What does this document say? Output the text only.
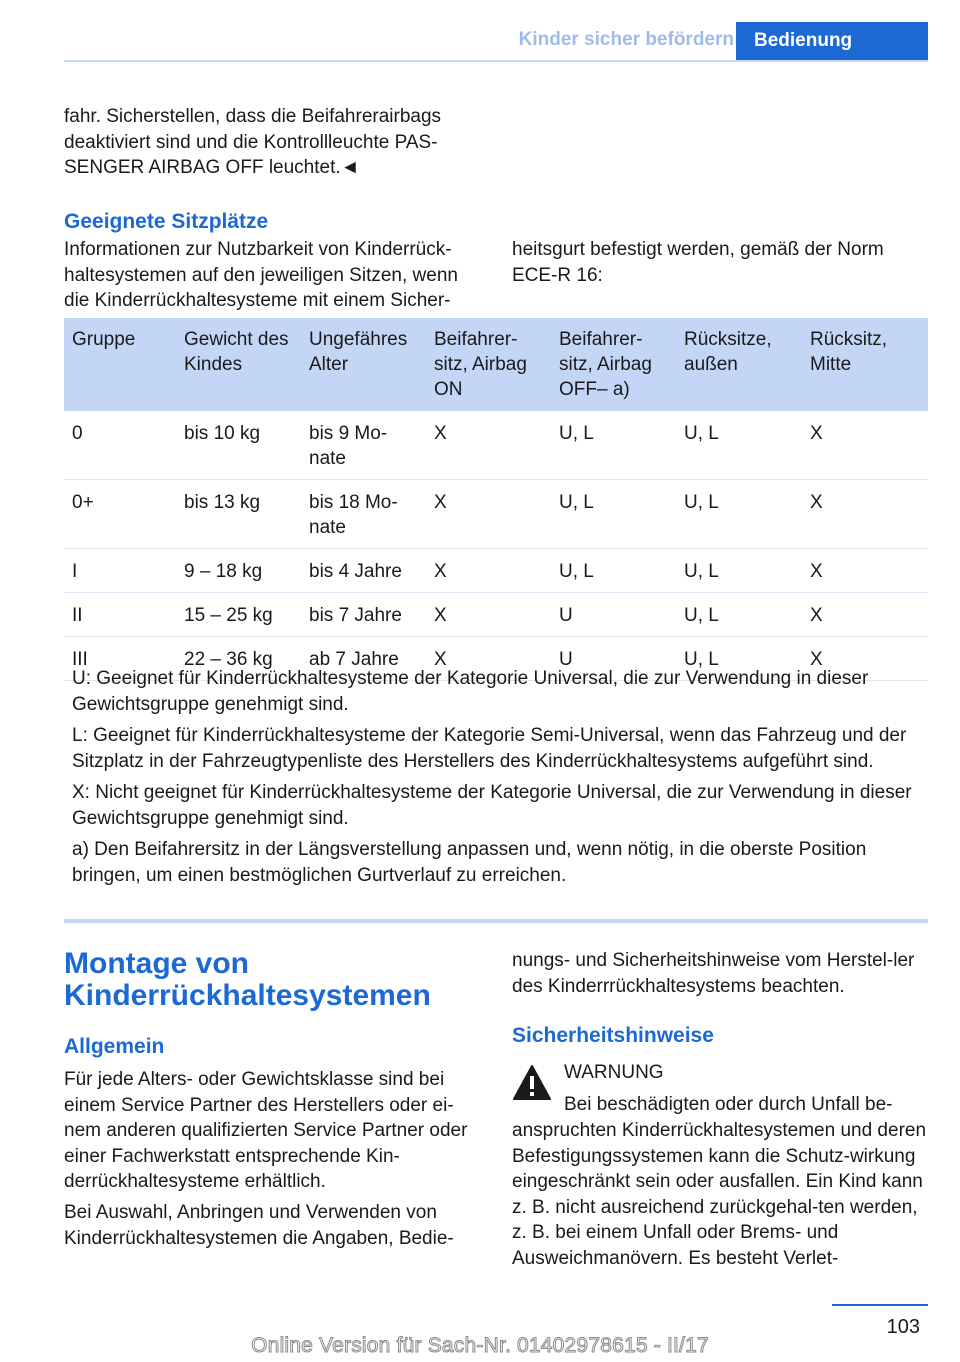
Kinder sicher befördern	Bedienung

fahr. Sicherstellen, dass die Beifahrerairbags deaktiviert sind und die Kontrollleuchte PAS‐SENGER AIRBAG OFF leuchtet.◄

Geeignete Sitzplätze

Informationen zur Nutzbarkeit von Kinderrück‐haltesystemen auf den jeweiligen Sitzen, wenn die Kinderrückhaltesysteme mit einem Sicher‐

heitsgurt befestigt werden, gemäß der Norm ECE-R 16:

Gruppe	Gewicht des Kindes	Ungefähres Alter	Beifahrer‐sitz, Airbag ON	Beifahrer‐sitz, Airbag OFF– a)	Rücksitze, außen	Rücksitz, Mitte
0	bis 10 kg	bis 9 Mo‐nate	X	U, L	U, L	X
0+	bis 13 kg	bis 18 Mo‐nate	X	U, L	U, L	X
I	9 – 18 kg	bis 4 Jahre	X	U, L	U, L	X
II	15 – 25 kg	bis 7 Jahre	X	U	U, L	X
III	22 – 36 kg	ab 7 Jahre	X	U	U, L	X

U: Geeignet für Kinderrückhaltesysteme der Kategorie Universal, die zur Verwendung in dieser Gewichtsgruppe genehmigt sind.

L: Geeignet für Kinderrückhaltesysteme der Kategorie Semi-Universal, wenn das Fahrzeug und der Sitzplatz in der Fahrzeugtypenliste des Herstellers des Kinderrückhaltesystems aufgeführt sind.

X: Nicht geeignet für Kinderrückhaltesysteme der Kategorie Universal, die zur Verwendung in dieser Gewichtsgruppe genehmigt sind.

a) Den Beifahrersitz in der Längsverstellung anpassen und, wenn nötig, in die oberste Position bringen, um einen bestmöglichen Gurtverlauf zu erreichen.

Montage von Kinderrückhaltesystemen
Allgemein

Für jede Alters- oder Gewichtsklasse sind bei einem Service Partner des Herstellers oder ei‐nem anderen qualifizierten Service Partner oder einer Fachwerkstatt entsprechende Kin‐derrückhaltesysteme erhältlich.

Bei Auswahl, Anbringen und Verwenden von Kinderrückhaltesystemen die Angaben, Bedie‐

nungs- und Sicherheitshinweise vom Herstel‐ler des Kinderrrückhaltesystems beachten.

Sicherheitshinweise
WARNUNG
Bei beschädigten oder durch Unfall be‐

anspruchten Kinderrückhaltesystemen und deren Befestigungssystemen kann die Schutz‐wirkung eingeschränkt sein oder ausfallen. Ein Kind kann z. B. nicht ausreichend zurückgehal‐ten werden, z. B. bei einem Unfall oder Brems- und Ausweichmanövern. Es besteht Verlet‐

103
Online Version für Sach-Nr. 01402978615 - II/17
